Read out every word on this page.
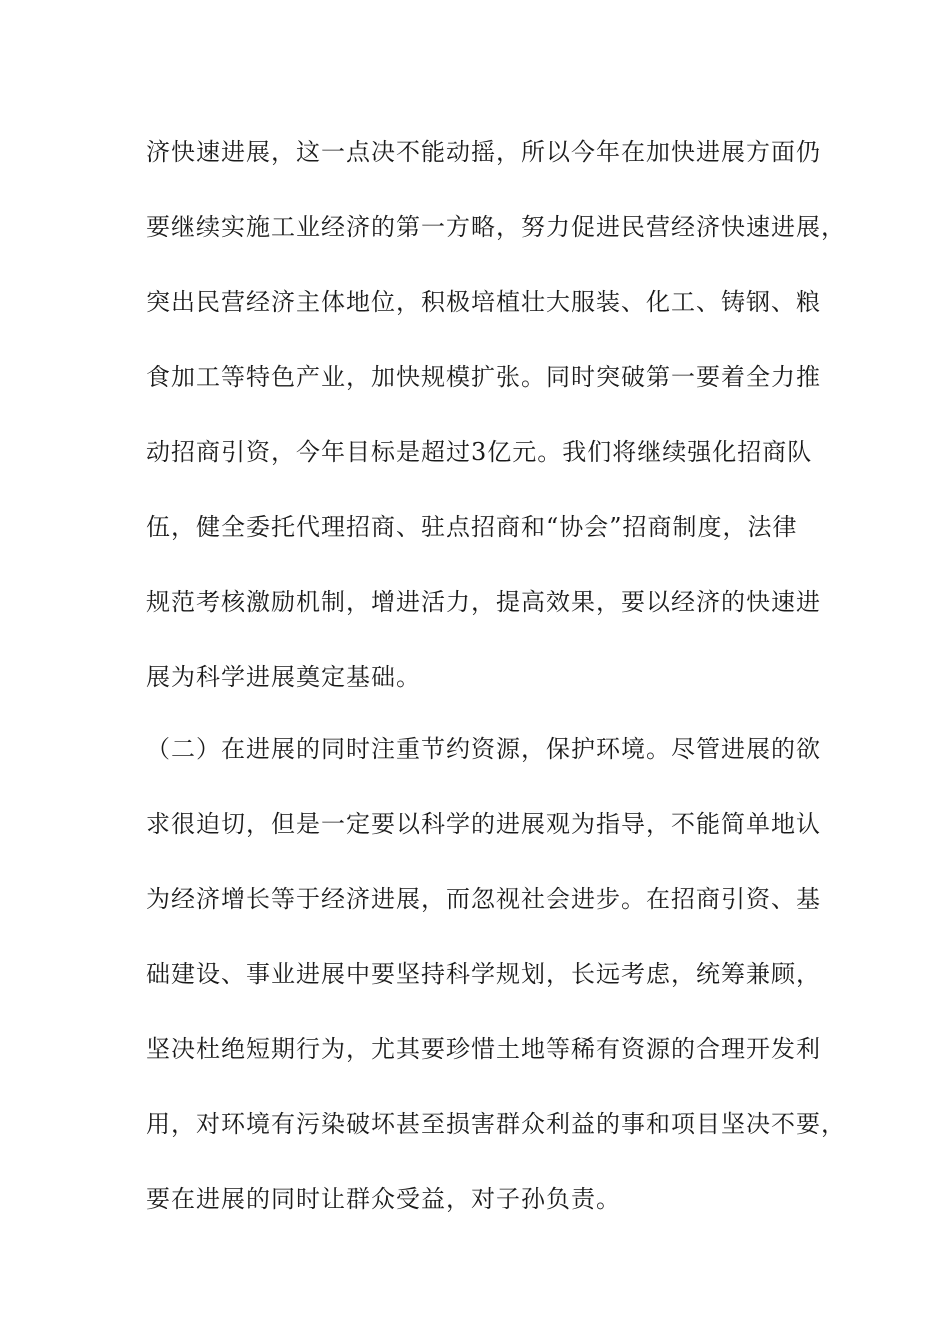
济快速进展，这一点决不能动摇，所以今年在加快进展方面仍
要继续实施工业经济的第一方略，努力促进民营经济快速进展，
突出民营经济主体地位，积极培植壮大服装、化工、铸钢、粮
食加工等特色产业，加快规模扩张。同时突破第一要着全力推
动招商引资，今年目标是超过3亿元。我们将继续强化招商队
伍，健全委托代理招商、驻点招商和“协会”招商制度，法律
规范考核激励机制，增进活力，提高效果，要以经济的快速进
展为科学进展奠定基础。
（二）在进展的同时注重节约资源，保护环境。尽管进展的欲
求很迫切，但是一定要以科学的进展观为指导，不能简单地认
为经济增长等于经济进展，而忽视社会进步。在招商引资、基
础建设、事业进展中要坚持科学规划，长远考虑，统筹兼顾，
坚决杜绝短期行为，尤其要珍惜土地等稀有资源的合理开发利
用，对环境有污染破坏甚至损害群众利益的事和项目坚决不要，
要在进展的同时让群众受益，对子孙负责。
